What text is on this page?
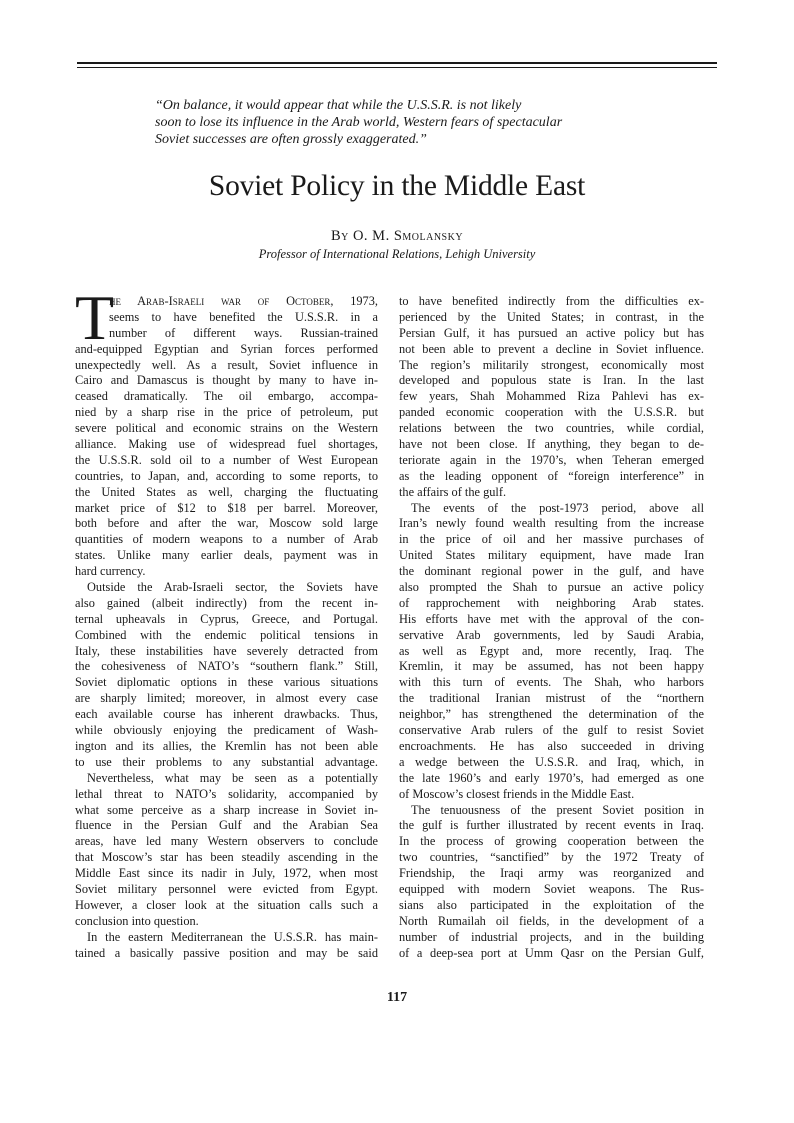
“On balance, it would appear that while the U.S.S.R. is not likely
soon to lose its influence in the Arab world, Western fears of spectacular
Soviet successes are often grossly exaggerated.”

Soviet Policy in the Middle East

By O. M. Smolansky

Professor of International Relations, Lehigh University

T
he Arab-Israeli war of October, 1973,
seems to have benefited the U.S.S.R. in a
number of different ways. Russian-trained
and-equipped Egyptian and Syrian forces performed
unexpectedly well. As a result, Soviet influence in
Cairo and Damascus is thought by many to have in-
ceased dramatically. The oil embargo, accompa-
nied by a sharp rise in the price of petroleum, put
severe political and economic strains on the Western
alliance. Making use of widespread fuel shortages,
the U.S.S.R. sold oil to a number of West European
countries, to Japan, and, according to some reports, to
the United States as well, charging the fluctuating
market price of $12 to $18 per barrel. Moreover,
both before and after the war, Moscow sold large
quantities of modern weapons to a number of Arab
states. Unlike many earlier deals, payment was in
hard currency.
Outside the Arab-Israeli sector, the Soviets have
also gained (albeit indirectly) from the recent in-
ternal upheavals in Cyprus, Greece, and Portugal.
Combined with the endemic political tensions in
Italy, these instabilities have severely detracted from
the cohesiveness of NATO’s “southern flank.” Still,
Soviet diplomatic options in these various situations
are sharply limited; moreover, in almost every case
each available course has inherent drawbacks. Thus,
while obviously enjoying the predicament of Wash-
ington and its allies, the Kremlin has not been able
to use their problems to any substantial advantage.
Nevertheless, what may be seen as a potentially
lethal threat to NATO’s solidarity, accompanied by
what some perceive as a sharp increase in Soviet in-
fluence in the Persian Gulf and the Arabian Sea
areas, have led many Western observers to conclude
that Moscow’s star has been steadily ascending in the
Middle East since its nadir in July, 1972, when most
Soviet military personnel were evicted from Egypt.
However, a closer look at the situation calls such a
conclusion into question.
In the eastern Mediterranean the U.S.S.R. has main-
tained a basically passive position and may be said
to have benefited indirectly from the difficulties ex-
perienced by the United States; in contrast, in the
Persian Gulf, it has pursued an active policy but has
not been able to prevent a decline in Soviet influence.
The region’s militarily strongest, economically most
developed and populous state is Iran. In the last
few years, Shah Mohammed Riza Pahlevi has ex-
panded economic cooperation with the U.S.S.R. but
relations between the two countries, while cordial,
have not been close. If anything, they began to de-
teriorate again in the 1970’s, when Teheran emerged
as the leading opponent of “foreign interference” in
the affairs of the gulf.
The events of the post-1973 period, above all
Iran’s newly found wealth resulting from the increase
in the price of oil and her massive purchases of
United States military equipment, have made Iran
the dominant regional power in the gulf, and have
also prompted the Shah to pursue an active policy
of rapprochement with neighboring Arab states.
His efforts have met with the approval of the con-
servative Arab governments, led by Saudi Arabia,
as well as Egypt and, more recently, Iraq. The
Kremlin, it may be assumed, has not been happy
with this turn of events. The Shah, who harbors
the traditional Iranian mistrust of the “northern
neighbor,” has strengthened the determination of the
conservative Arab rulers of the gulf to resist Soviet
encroachments. He has also succeeded in driving
a wedge between the U.S.S.R. and Iraq, which, in
the late 1960’s and early 1970’s, had emerged as one
of Moscow’s closest friends in the Middle East.
The tenuousness of the present Soviet position in
the gulf is further illustrated by recent events in Iraq.
In the process of growing cooperation between the
two countries, “sanctified” by the 1972 Treaty of
Friendship, the Iraqi army was reorganized and
equipped with modern Soviet weapons. The Rus-
sians also participated in the exploitation of the
North Rumailah oil fields, in the development of a
number of industrial projects, and in the building
of a deep-sea port at Umm Qasr on the Persian Gulf,

117
